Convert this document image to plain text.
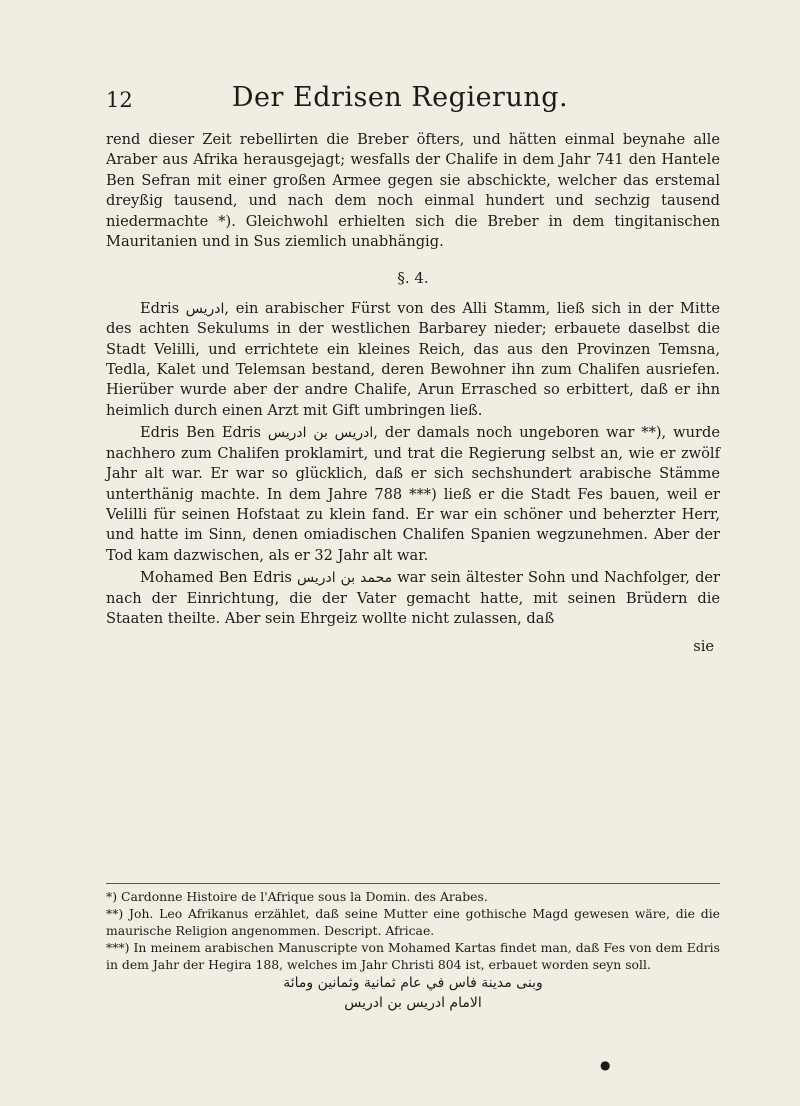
12	Der Edrisen Regierung.

rend dieser Zeit rebellirten die Breber öfters, und hätten einmal beynahe alle Araber aus Afrika herausgejagt; wesfalls der Chalife in dem Jahr 741 den Hantele Ben Sefran mit einer großen Armee gegen sie abschickte, welcher das erstemal dreyßig tausend, und nach dem noch einmal hundert und sechzig tausend niedermachte *). Gleichwohl erhielten sich die Breber in dem tingitanischen Mauritanien und in Sus ziemlich unabhängig.

§. 4.

Edris ادريس, ein arabischer Fürst von des Alli Stamm, ließ sich in der Mitte des achten Sekulums in der westlichen Barbarey nieder; erbauete daselbst die Stadt Velilli, und errichtete ein kleines Reich, das aus den Provinzen Temsna, Tedla, Kalet und Telemsan bestand, deren Bewohner ihn zum Chalifen ausriefen. Hierüber wurde aber der andre Chalife, Arun Errasched so erbittert, daß er ihn heimlich durch einen Arzt mit Gift umbringen ließ.

Edris Ben Edris ادريس بن ادريس, der damals noch ungeboren war **), wurde nachhero zum Chalifen proklamirt, und trat die Regierung selbst an, wie er zwölf Jahr alt war. Er war so glücklich, daß er sich sechshundert arabische Stämme unterthänig machte. In dem Jahre 788 ***) ließ er die Stadt Fes bauen, weil er Velilli für seinen Hofstaat zu klein fand. Er war ein schöner und beherzter Herr, und hatte im Sinn, denen omiadischen Chalifen Spanien wegzunehmen. Aber der Tod kam dazwischen, als er 32 Jahr alt war.

Mohamed Ben Edris محمد بن ادريس war sein ältester Sohn und Nachfolger, der nach der Einrichtung, die der Vater gemacht hatte, mit seinen Brüdern die Staaten theilte. Aber sein Ehrgeiz wollte nicht zulassen, daß

sie

*) Cardonne Histoire de l'Afrique sous la Domin. des Arabes.

**) Joh. Leo Afrikanus erzählet, daß seine Mutter eine gothische Magd gewesen wäre, die die maurische Religion angenommen. Descript. Africae.

***) In meinem arabischen Manuscripte von Mohamed Kartas findet man, daß Fes von dem Edris in dem Jahr der Hegira 188, welches im Jahr Christi 804 ist, erbauet worden seyn soll.

وبنى مدينة فاس في عام ثمانية وثمانين ومائة
الامام ادريس بن ادريس
●
